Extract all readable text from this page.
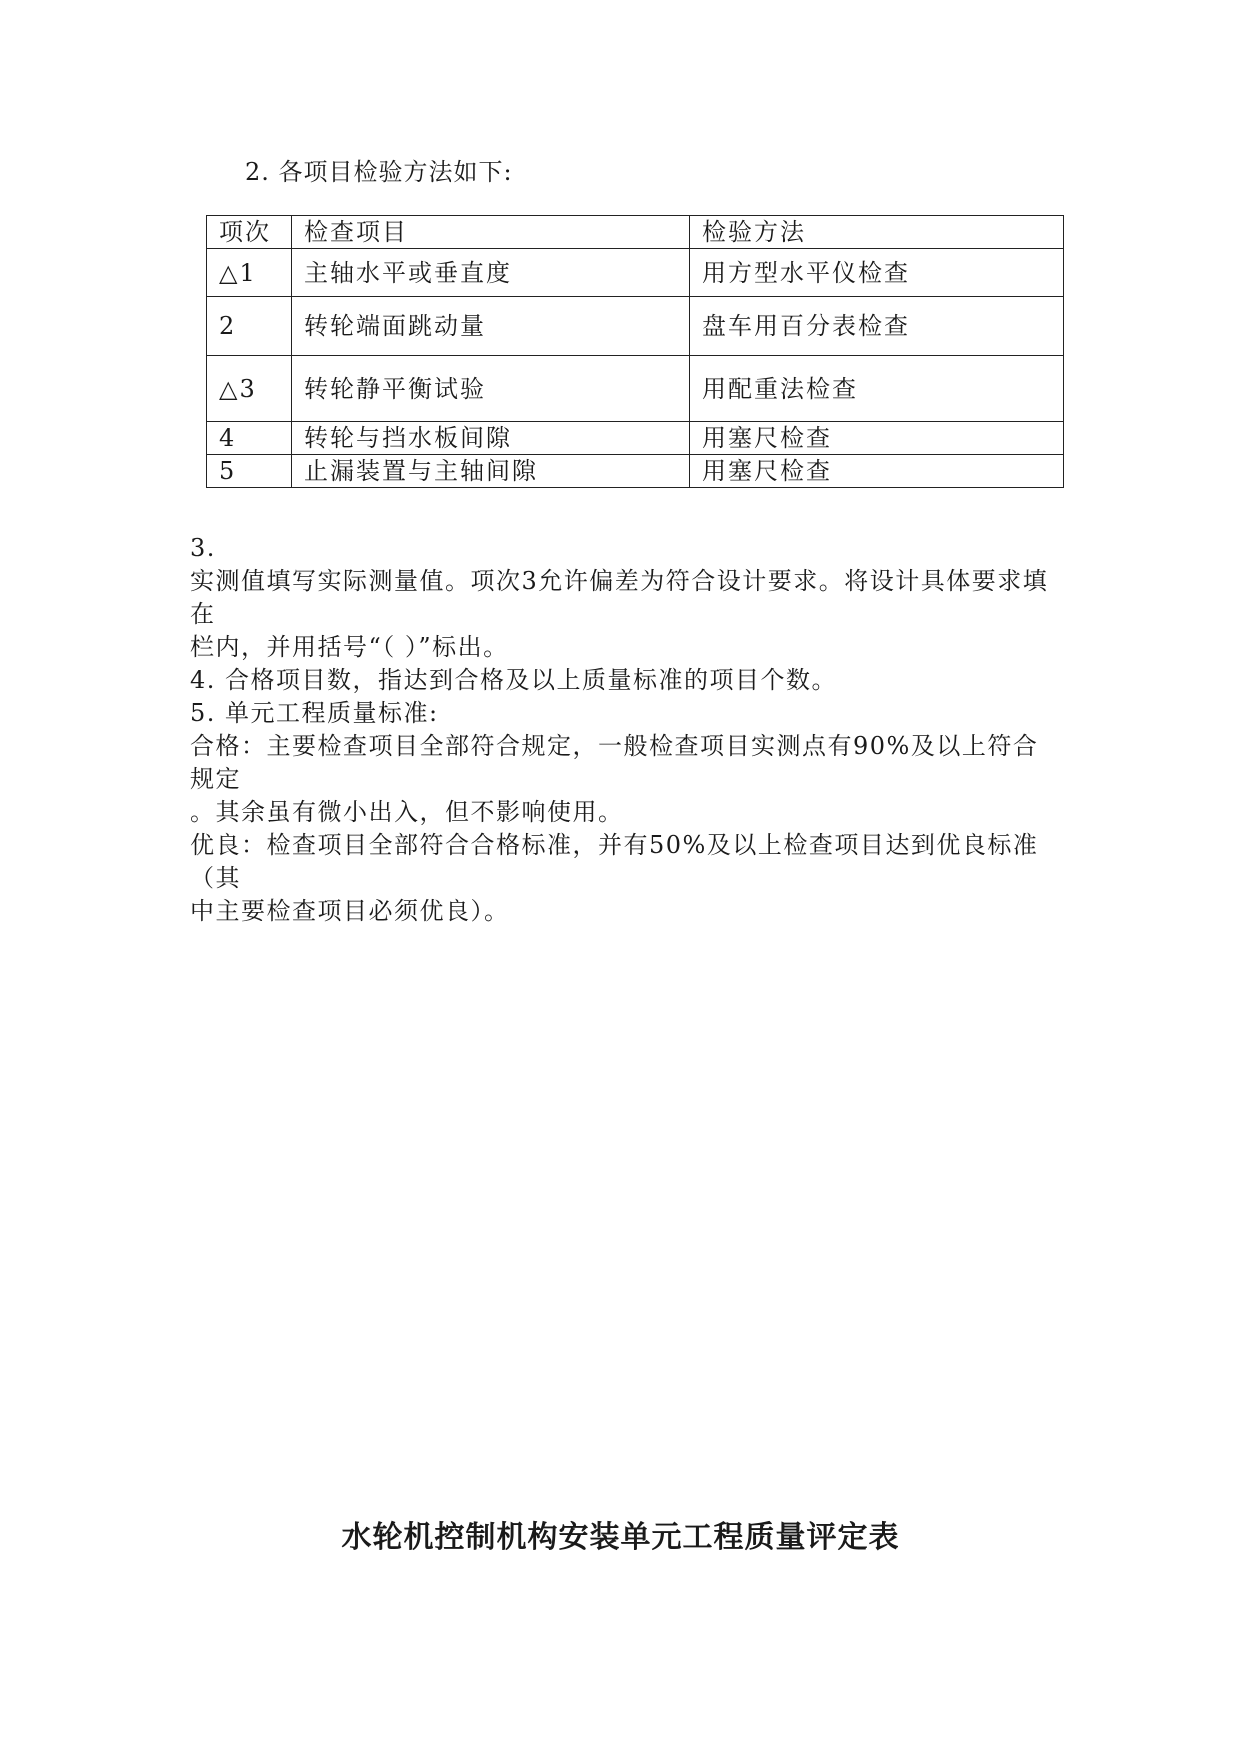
2. 各项目检验方法如下:
项次	检查项目	检验方法
△1	主轴水平或垂直度	用方型水平仪检查
2	转轮端面跳动量	盘车用百分表检查
△3	转轮静平衡试验	用配重法检查
4	转轮与挡水板间隙	用塞尺检查
5	止漏装置与主轴间隙	用塞尺检查

3.

实测值填写实际测量值。项次3允许偏差为符合设计要求。将设计具体要求填在

栏内，并用括号“（ ）”标出。

4. 合格项目数，指达到合格及以上质量标准的项目个数。

5. 单元工程质量标准:

合格：主要检查项目全部符合规定，一般检查项目实测点有90%及以上符合规定

。其余虽有微小出入，但不影响使用。

优良：检查项目全部符合合格标准，并有50%及以上检查项目达到优良标准（其

中主要检查项目必须优良）。

水轮机控制机构安装单元工程质量评定表
